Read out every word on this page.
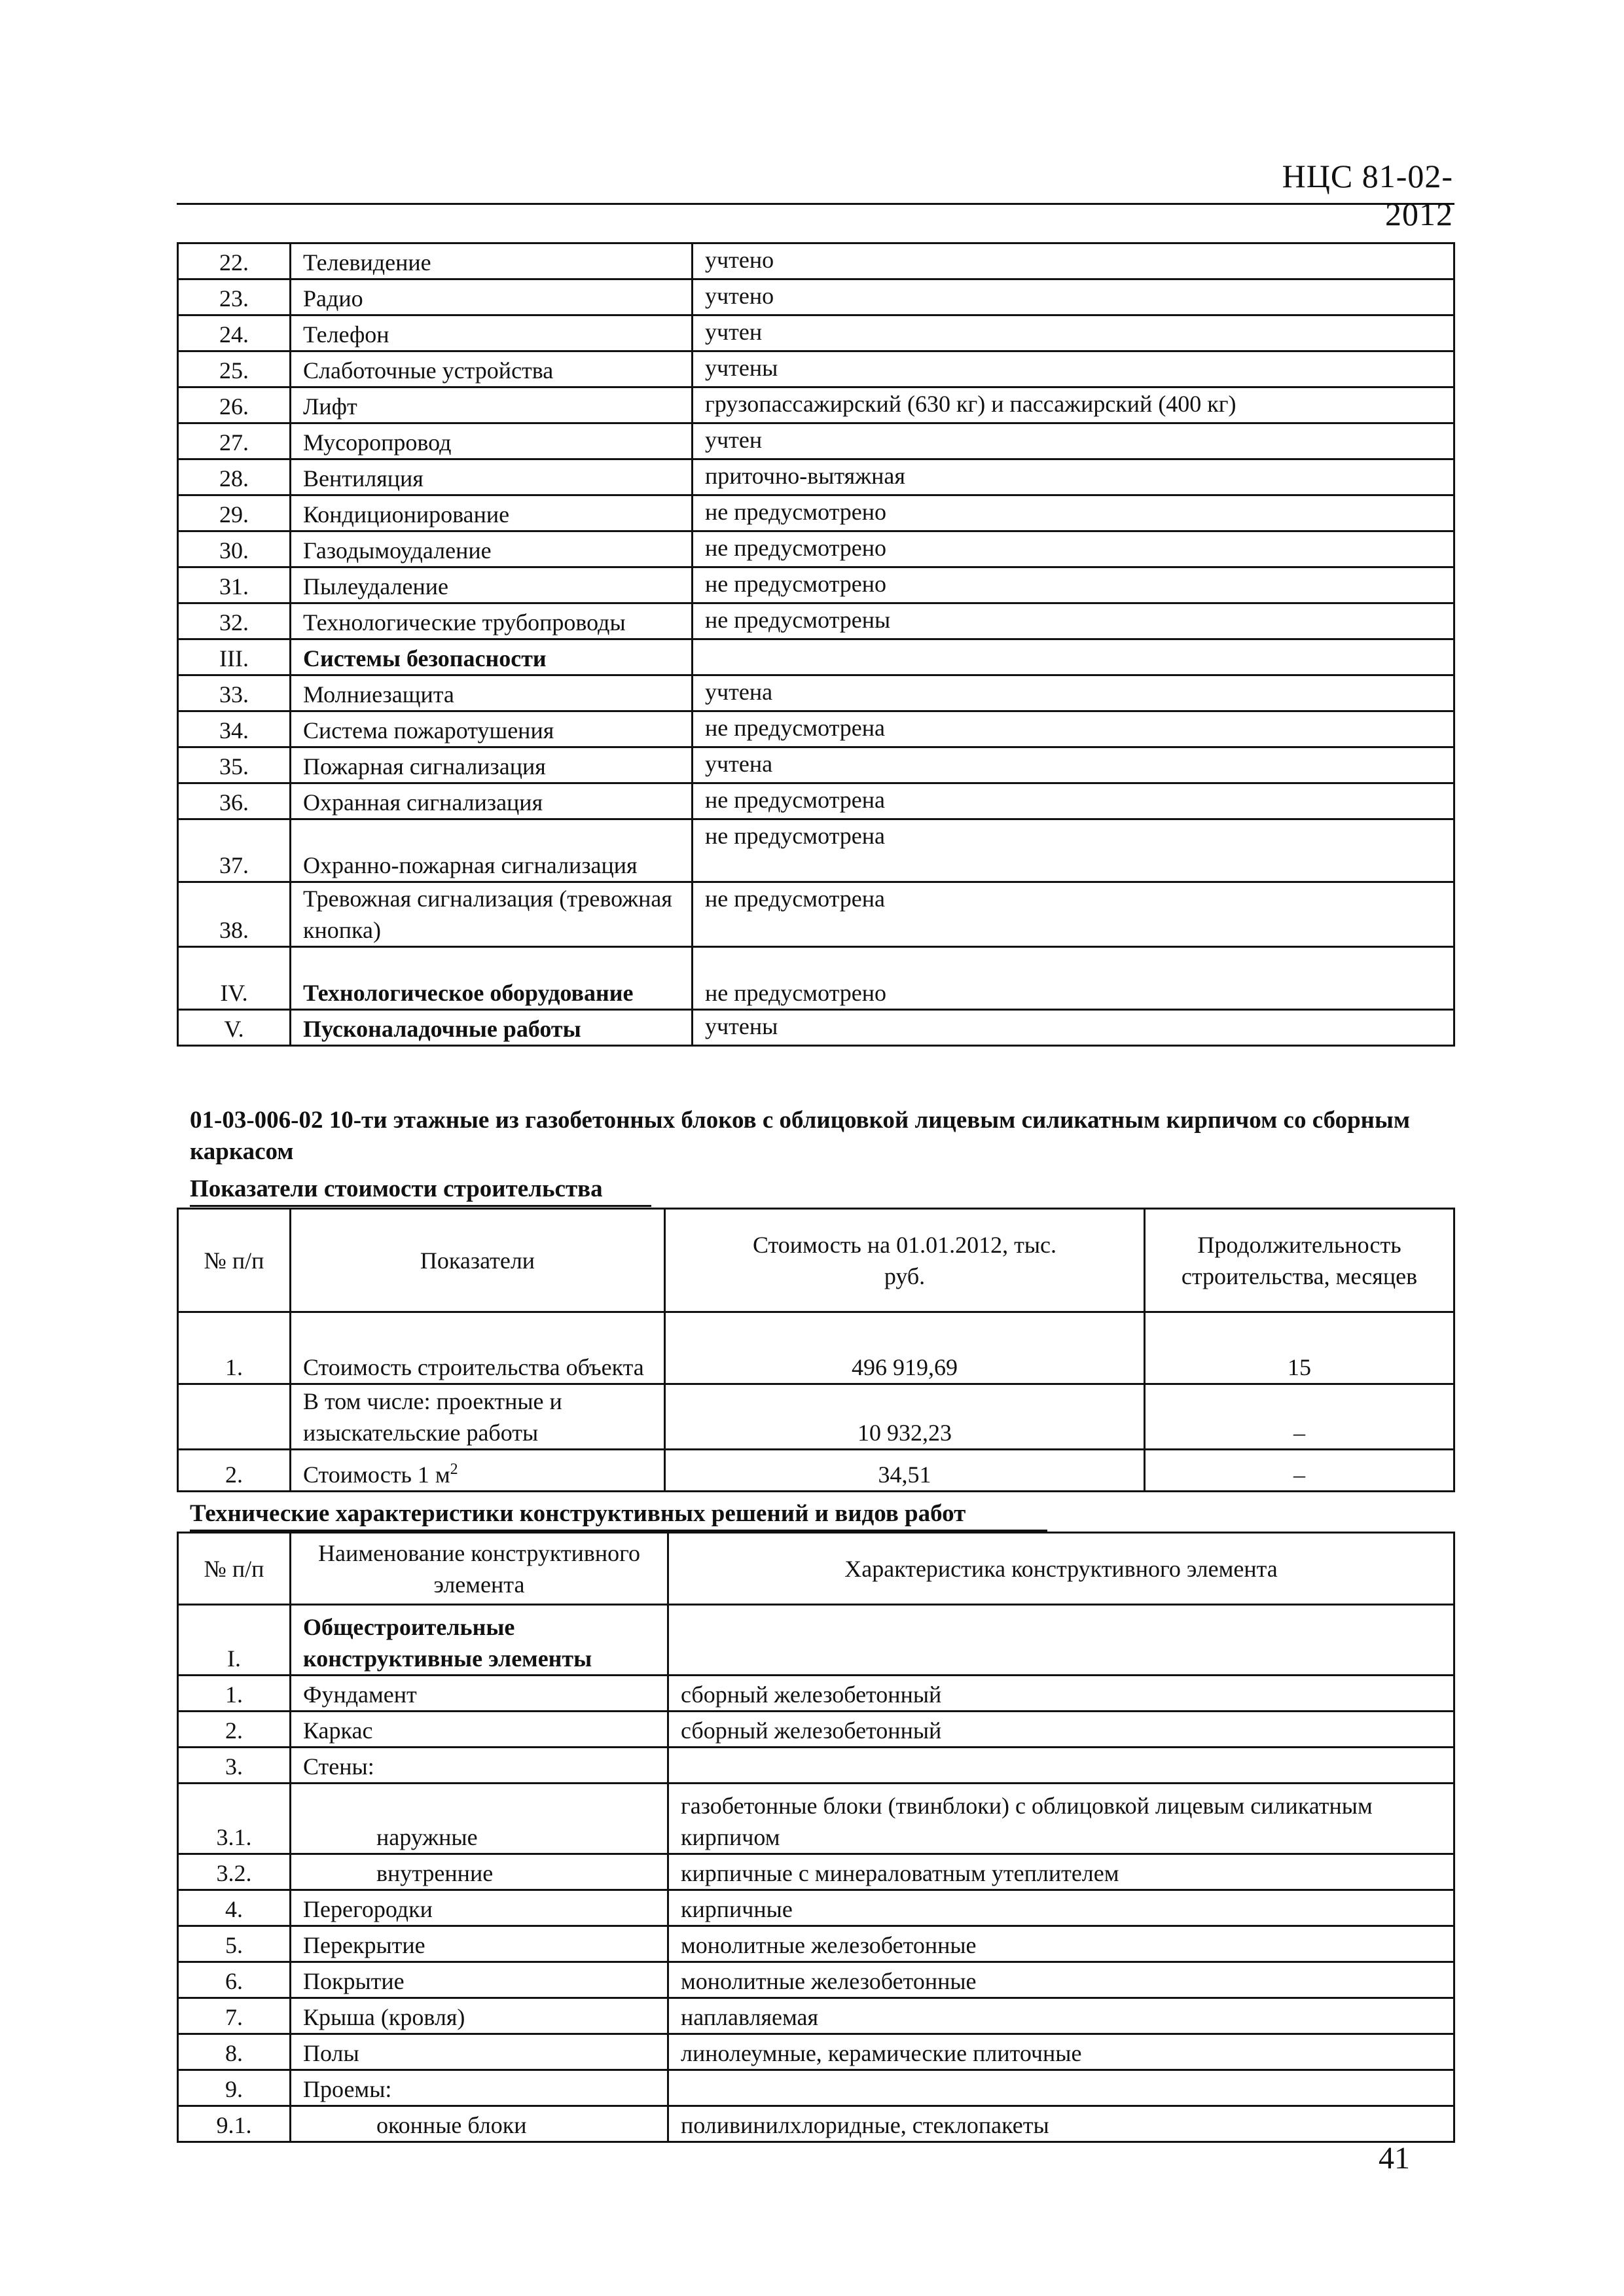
НЦС 81-02-2012
22.	Телевидение	учтено
23.	Радио	учтено
24.	Телефон	учтен
25.	Слаботочные устройства	учтены
26.	Лифт	грузопассажирский (630 кг) и пассажирский (400 кг)
27.	Мусоропровод	учтен
28.	Вентиляция	приточно-вытяжная
29.	Кондиционирование	не предусмотрено
30.	Газодымоудаление	не предусмотрено
31.	Пылеудаление	не предусмотрено
32.	Технологические трубопроводы	не предусмотрены
III.	Системы безопасности	
33.	Молниезащита	учтена
34.	Система пожаротушения	не предусмотрена
35.	Пожарная сигнализация	учтена
36.	Охранная сигнализация	не предусмотрена
37.	Охранно-пожарная сигнализация	не предусмотрена
38.	Тревожная сигнализация (тревожная кнопка)	не предусмотрена
IV.	Технологическое оборудование	не предусмотрено
V.	Пусконаладочные работы	учтены
01-03-006-02 10-ти этажные из газобетонных блоков с облицовкой лицевым силикатным кирпичом со сборным каркасом
Показатели стоимости строительства
№ п/п	Показатели	Стоимость на 01.01.2012, тыс. руб.	Продолжительность строительства, месяцев
1.	Стоимость строительства объекта	496 919,69	15
	В том числе: проектные и изыскательские работы	10 932,23	–
2.	Стоимость 1 $м^2$	34,51	–
Технические характеристики конструктивных решений и видов работ
№ п/п	Наименование конструктивного элемента	Характеристика конструктивного элемента
I.	Общестроительные конструктивные элементы	
1.	Фундамент	сборный железобетонный
2.	Каркас	сборный железобетонный
3.	Стены:	
3.1.	наружные	газобетонные блоки (твинблоки) с облицовкой лицевым силикатным кирпичом
3.2.	внутренние	кирпичные с минераловатным утеплителем
4.	Перегородки	кирпичные
5.	Перекрытие	монолитные железобетонные
6.	Покрытие	монолитные железобетонные
7.	Крыша (кровля)	наплавляемая
8.	Полы	линолеумные, керамические плиточные
9.	Проемы:	
9.1.	оконные блоки	поливинилхлоридные, стеклопакеты
41
